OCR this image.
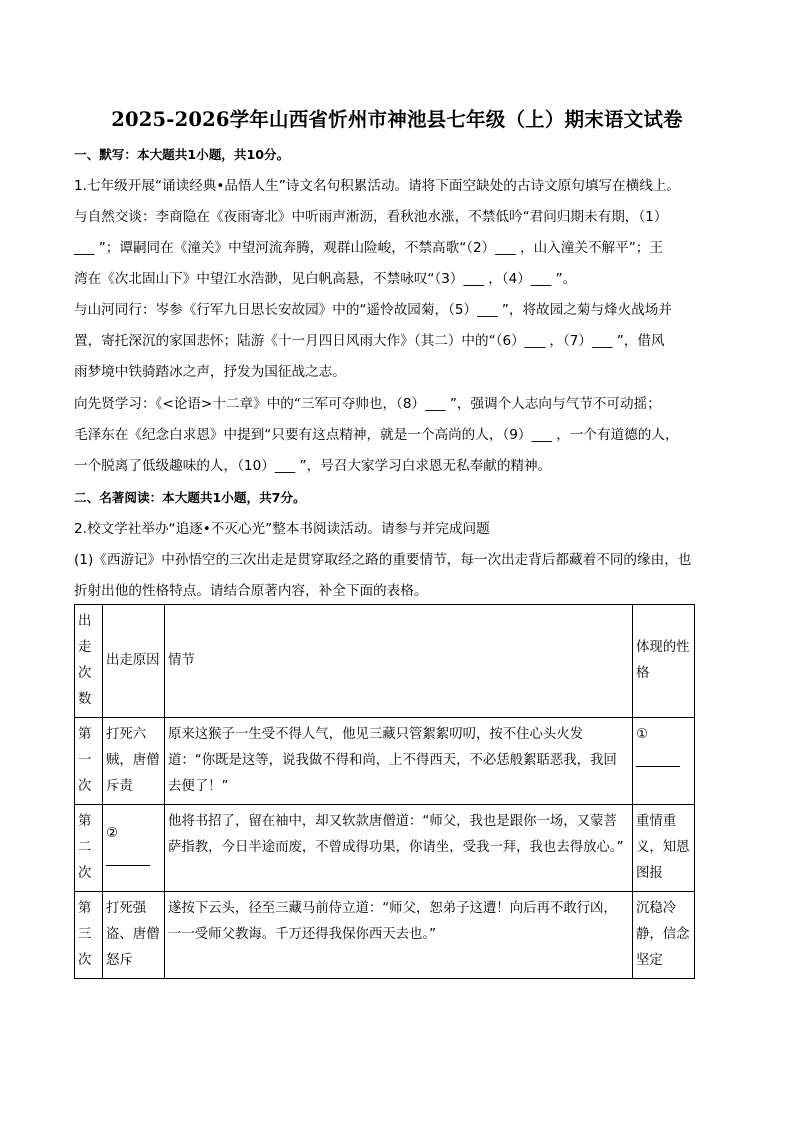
2025-2026学年山西省忻州市神池县七年级（上）期末语文试卷
一、默写：本大题共1小题，共10分。
1.七年级开展“诵读经典•品悟人生”诗文名句积累活动。请将下面空缺处的古诗文原句填写在横线上。
与自然交谈：李商隐在《夜雨寄北》中听雨声淅沥，看秋池水涨，不禁低吟“君问归期未有期，（1）
___ ”；谭嗣同在《潼关》中望河流奔腾，观群山险峻，不禁高歌“（2）___ ，山入潼关不解平”；王
湾在《次北固山下》中望江水浩渺，见白帆高悬，不禁咏叹“（3）___ ，（4）___ ”。
与山河同行：岑参《行军九日思长安故园》中的“遥怜故园菊，（5）___ ”，将故园之菊与烽火战场并
置，寄托深沉的家国悲怀；陆游《十一月四日风雨大作》（其二）中的“（6）___ ，（7）___ ”，借风
雨梦境中铁骑踏冰之声，抒发为国征战之志。
向先贤学习：《<论语>十二章》中的“三军可夺帅也，（8）___ ”，强调个人志向与气节不可动摇；
毛泽东在《纪念白求恩》中提到“只要有这点精神，就是一个高尚的人，（9）___ ，一个有道德的人，
一个脱离了低级趣味的人，（10）___ ”，号召大家学习白求恩无私奉献的精神。
二、名著阅读：本大题共1小题，共7分。
2.校文学社举办“追逐•不灭心光”整本书阅读活动。请参与并完成问题
(1)《西游记》中孙悟空的三次出走是贯穿取经之路的重要情节，每一次出走背后都藏着不同的缘由，也
折射出他的性格特点。请结合原著内容，补全下面的表格。
出走次数	出走原因	情节	体现的性格
第一次	打死六贼，唐僧斥责	原来这猴子一生受不得人气，他见三藏只管絮絮叨叨，按不住心头火发道：“你既是这等，说我做不得和尚，上不得西天，不必恁般絮聒恶我，我回去便了！”	①

第二次	②	他将书招了，留在袖中，却又软款唐僧道：“师父，我也是跟你一场，又蒙菩萨指教，今日半途而废，不曾成得功果，你请坐，受我一拜，我也去得放心。”	重情重义，知恩图报
第三次	打死强盗、唐僧怒斥	遂按下云头，径至三藏马前侍立道：“师父，恕弟子这遭！向后再不敢行凶，一一受师父教诲。千万还得我保你西天去也。”	沉稳冷静，信念坚定
